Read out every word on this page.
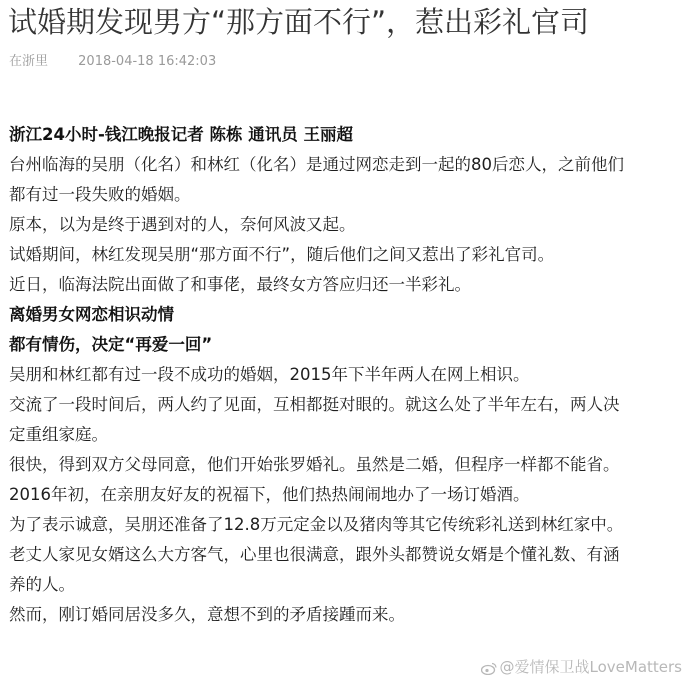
试婚期发现男方“那方面不行”，惹出彩礼官司
在浙里 2018-04-18 16:42:03
浙江24小时-钱江晚报记者 陈栋 通讯员 王丽超
台州临海的吴朋（化名）和林红（化名）是通过网恋走到一起的80后恋人，之前他们
都有过一段失败的婚姻。
原本，以为是终于遇到对的人，奈何风波又起。
试婚期间，林红发现吴朋“那方面不行”，随后他们之间又惹出了彩礼官司。
近日，临海法院出面做了和事佬，最终女方答应归还一半彩礼。
离婚男女网恋相识动情
都有情伤，决定“再爱一回”
吴朋和林红都有过一段不成功的婚姻，2015年下半年两人在网上相识。
交流了一段时间后，两人约了见面，互相都挺对眼的。就这么处了半年左右，两人决
定重组家庭。
很快，得到双方父母同意，他们开始张罗婚礼。虽然是二婚，但程序一样都不能省。
2016年初，在亲朋友好友的祝福下，他们热热闹闹地办了一场订婚酒。
为了表示诚意，吴朋还准备了12.8万元定金以及猪肉等其它传统彩礼送到林红家中。
老丈人家见女婿这么大方客气，心里也很满意，跟外头都赞说女婿是个懂礼数、有涵
养的人。
然而，刚订婚同居没多久，意想不到的矛盾接踵而来。
@爱情保卫战LoveMatters
